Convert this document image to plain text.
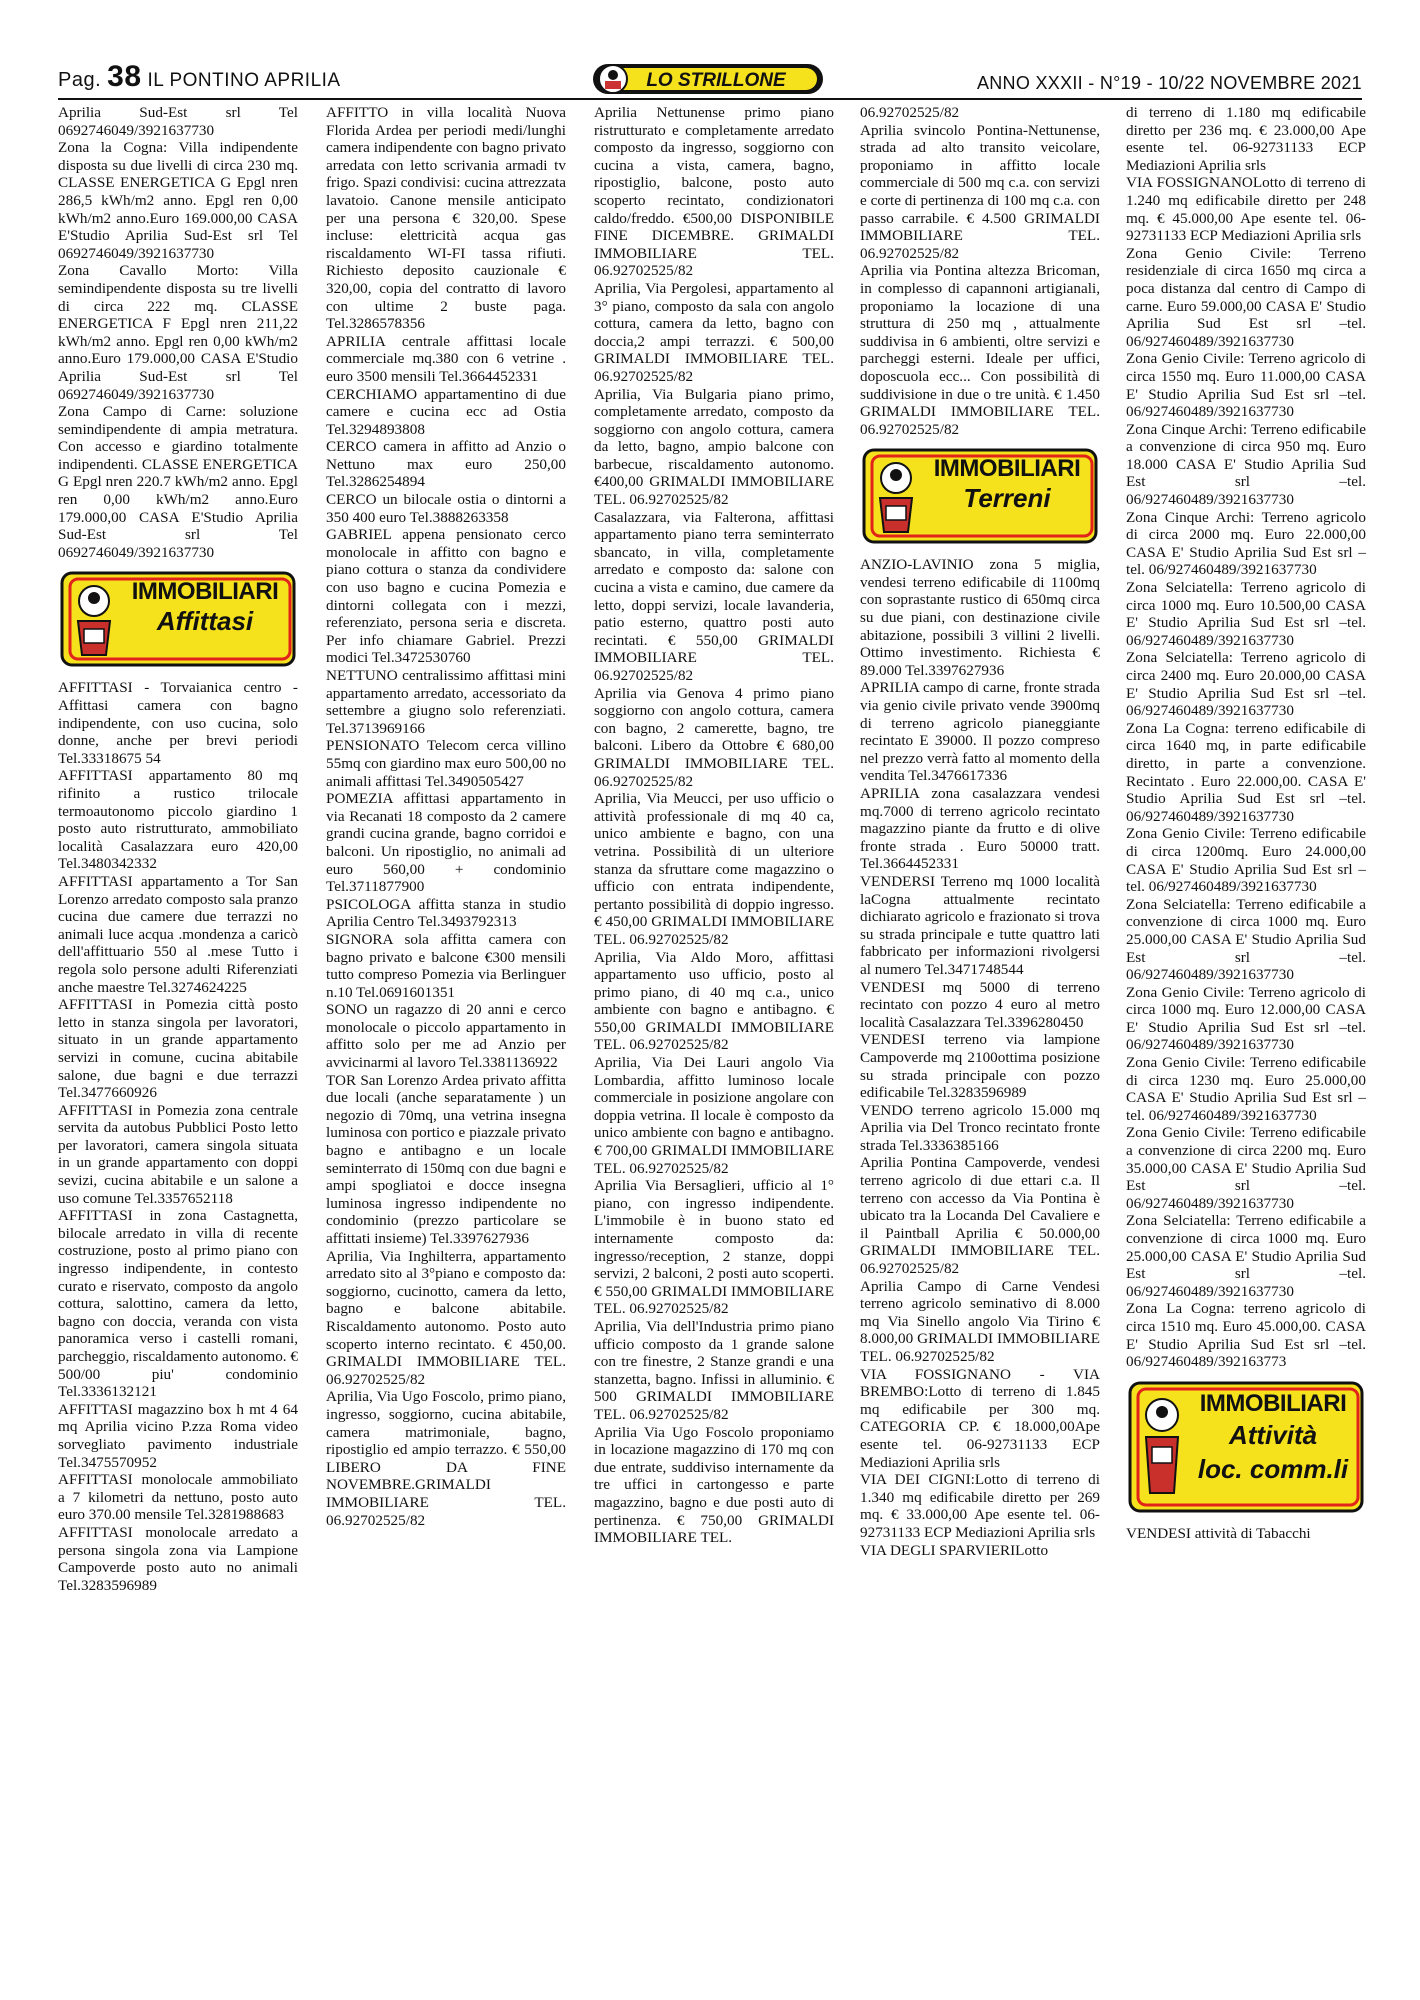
Pag. 38 IL PONTINO APRILIA	ANNO XXXII - N°19 - 10/22 NOVEMBRE 2021
LO STRILLONE

Aprilia Sud-Est srl Tel 0692746049/3921637730

Zona la Cogna: Villa indipendente disposta su due livelli di circa 230 mq. CLASSE ENERGETICA G Epgl nren 286,5 kWh/m2 anno. Epgl ren 0,00 kWh/m2 anno.Euro 169.000,00 CASA E'Studio Aprilia Sud-Est srl Tel 0692746049/3921637730

Zona Cavallo Morto: Villa semindipendente disposta su tre livelli di circa 222 mq. CLASSE ENERGETICA F Epgl nren 211,22 kWh/m2 anno. Epgl ren 0,00 kWh/m2 anno.Euro 179.000,00 CASA E'Studio Aprilia Sud-Est srl Tel 0692746049/3921637730

Zona Campo di Carne: soluzione semindipendente di ampia metratura. Con accesso e giardino totalmente indipendenti. CLASSE ENERGETICA G Epgl nren 220.7 kWh/m2 anno. Epgl ren 0,00 kWh/m2 anno.Euro 179.000,00 CASA E'Studio Aprilia Sud-Est srl Tel 0692746049/3921637730

IMMOBILIARI
Affittasi

AFFITTASI - Torvaianica centro - Affittasi camera con bagno indipendente, con uso cucina, solo donne, anche per brevi periodi Tel.33318675 54

AFFITTASI appartamento 80 mq rifinito a rustico trilocale termoautonomo piccolo giardino 1 posto auto ristrutturato, ammobiliato località Casalazzara euro 420,00 Tel.3480342332

AFFITTASI appartamento a Tor San Lorenzo arredato composto sala pranzo cucina due camere due terrazzi no animali luce acqua .mondenza a caricò dell'affittuario 550 al .mese Tutto i regola solo persone adulti Riferenziati anche maestre Tel.3274624225

AFFITTASI in Pomezia città posto letto in stanza singola per lavoratori, situato in un grande appartamento servizi in comune, cucina abitabile salone, due bagni e due terrazzi Tel.3477660926

AFFITTASI in Pomezia zona centrale servita da autobus Pubblici Posto letto per lavoratori, camera singola situata in un grande appartamento con doppi sevizi, cucina abitabile e un salone a uso comune Tel.3357652118

AFFITTASI in zona Castagnetta, bilocale arredato in villa di recente costruzione, posto al primo piano con ingresso indipendente, in contesto curato e riservato, composto da angolo cottura, salottino, camera da letto, bagno con doccia, veranda con vista panoramica verso i castelli romani, parcheggio, riscaldamento autonomo. € 500/00 piu' condominio Tel.3336132121

AFFITTASI magazzino box h mt 4 64 mq Aprilia vicino P.zza Roma video sorvegliato pavimento industriale Tel.3475570952

AFFITTASI monolocale ammobiliato a 7 kilometri da nettuno, posto auto euro 370.00 mensile Tel.3281988683

AFFITTASI monolocale arredato a persona singola zona via Lampione Campoverde posto auto no animali Tel.3283596989

AFFITTO in villa località Nuova Florida Ardea per periodi medi/lunghi camera indipendente con bagno privato arredata con letto scrivania armadi tv frigo. Spazi condivisi: cucina attrezzata lavatoio. Canone mensile anticipato per una persona € 320,00. Spese incluse: elettricità acqua gas riscaldamento WI-FI tassa rifiuti. Richiesto deposito cauzionale € 320,00, copia del contratto di lavoro con ultime 2 buste paga. Tel.3286578356

APRILIA centrale affittasi locale commerciale mq.380 con 6 vetrine . euro 3500 mensili Tel.3664452331

CERCHIAMO appartamentino di due camere e cucina ecc ad Ostia Tel.3294893808

CERCO camera in affitto ad Anzio o Nettuno max euro 250,00 Tel.3286254894

CERCO un bilocale ostia o dintorni a 350 400 euro Tel.3888263358

GABRIEL appena pensionato cerco monolocale in affitto con bagno e piano cottura o stanza da condividere con uso bagno e cucina Pomezia e dintorni collegata con i mezzi, referenziato, persona seria e discreta. Per info chiamare Gabriel. Prezzi modici Tel.3472530760

NETTUNO centralissimo affittasi mini appartamento arredato, accessoriato da settembre a giugno solo referenziati. Tel.3713969166

PENSIONATO Telecom cerca villino 55mq con giardino max euro 500,00 no animali affittasi Tel.3490505427

POMEZIA affittasi appartamento in via Recanati 18 composto da 2 camere grandi cucina grande, bagno corridoi e balconi. Un ripostiglio, no animali ad euro 560,00 + condominio Tel.3711877900

PSICOLOGA affitta stanza in studio Aprilia Centro Tel.3493792313

SIGNORA sola affitta camera con bagno privato e balcone €300 mensili tutto compreso Pomezia via Berlinguer n.10 Tel.0691601351

SONO un ragazzo di 20 anni e cerco monolocale o piccolo appartamento in affitto solo per me ad Anzio per avvicinarmi al lavoro Tel.3381136922

TOR San Lorenzo Ardea privato affitta due locali (anche separatamente ) un negozio di 70mq, una vetrina insegna luminosa con portico e piazzale privato bagno e antibagno e un locale seminterrato di 150mq con due bagni e ampi spogliatoi e docce insegna luminosa ingresso indipendente no condominio (prezzo particolare se affittati insieme) Tel.3397627936

Aprilia, Via Inghilterra, appartamento arredato sito al 3°piano e composto da: soggiorno, cucinotto, camera da letto, bagno e balcone abitabile. Riscaldamento autonomo. Posto auto scoperto interno recintato. € 450,00. GRIMALDI IMMOBILIARE TEL. 06.92702525/82

Aprilia, Via Ugo Foscolo, primo piano, ingresso, soggiorno, cucina abitabile, camera matrimoniale, bagno, ripostiglio ed ampio terrazzo. € 550,00 LIBERO DA FINE NOVEMBRE.GRIMALDI IMMOBILIARE TEL. 06.92702525/82

Aprilia Nettunense primo piano ristrutturato e completamente arredato composto da ingresso, soggiorno con cucina a vista, camera, bagno, ripostiglio, balcone, posto auto scoperto recintato, condizionatori caldo/freddo. €500,00 DISPONIBILE FINE DICEMBRE. GRIMALDI IMMOBILIARE TEL. 06.92702525/82

Aprilia, Via Pergolesi, appartamento al 3° piano, composto da sala con angolo cottura, camera da letto, bagno con doccia,2 ampi terrazzi. € 500,00 GRIMALDI IMMOBILIARE TEL. 06.92702525/82

Aprilia, Via Bulgaria piano primo, completamente arredato, composto da soggiorno con angolo cottura, camera da letto, bagno, ampio balcone con barbecue, riscaldamento autonomo. €400,00 GRIMALDI IMMOBILIARE TEL. 06.92702525/82

Casalazzara, via Falterona, affittasi appartamento piano terra seminterrato sbancato, in villa, completamente arredato e composto da: salone con cucina a vista e camino, due camere da letto, doppi servizi, locale lavanderia, patio esterno, quattro posti auto recintati. € 550,00 GRIMALDI IMMOBILIARE TEL. 06.92702525/82

Aprilia via Genova 4 primo piano soggiorno con angolo cottura, camera con bagno, 2 camerette, bagno, tre balconi. Libero da Ottobre € 680,00 GRIMALDI IMMOBILIARE TEL. 06.92702525/82

Aprilia, Via Meucci, per uso ufficio o attività professionale di mq 40 ca, unico ambiente e bagno, con una vetrina. Possibilità di un ulteriore stanza da sfruttare come magazzino o ufficio con entrata indipendente, pertanto possibilità di doppio ingresso. € 450,00 GRIMALDI IMMOBILIARE TEL. 06.92702525/82

Aprilia, Via Aldo Moro, affittasi appartamento uso ufficio, posto al primo piano, di 40 mq c.a., unico ambiente con bagno e antibagno. € 550,00 GRIMALDI IMMOBILIARE TEL. 06.92702525/82

Aprilia, Via Dei Lauri angolo Via Lombardia, affitto luminoso locale commerciale in posizione angolare con doppia vetrina. Il locale è composto da unico ambiente con bagno e antibagno. € 700,00 GRIMALDI IMMOBILIARE TEL. 06.92702525/82

Aprilia Via Bersaglieri, ufficio al 1° piano, con ingresso indipendente. L'immobile è in buono stato ed internamente composto da: ingresso/reception, 2 stanze, doppi servizi, 2 balconi, 2 posti auto scoperti. € 550,00 GRIMALDI IMMOBILIARE TEL. 06.92702525/82

Aprilia, Via dell'Industria primo piano ufficio composto da 1 grande salone con tre finestre, 2 Stanze grandi e una stanzetta, bagno. Infissi in alluminio. € 500 GRIMALDI IMMOBILIARE TEL. 06.92702525/82

Aprilia Via Ugo Foscolo proponiamo in locazione magazzino di 170 mq con due entrate, suddiviso internamente da tre uffici in cartongesso e parte magazzino, bagno e due posti auto di pertinenza. € 750,00 GRIMALDI IMMOBILIARE TEL.

06.92702525/82

Aprilia svincolo Pontina-Nettunense, strada ad alto transito veicolare, proponiamo in affitto locale commerciale di 500 mq c.a. con servizi e corte di pertinenza di 100 mq c.a. con passo carrabile. € 4.500 GRIMALDI IMMOBILIARE TEL. 06.92702525/82

Aprilia via Pontina altezza Bricoman, in complesso di capannoni artigianali, proponiamo la locazione di una struttura di 250 mq , attualmente suddivisa in 6 ambienti, oltre servizi e parcheggi esterni. Ideale per uffici, doposcuola ecc... Con possibilità di suddivisione in due o tre unità. € 1.450 GRIMALDI IMMOBILIARE TEL. 06.92702525/82

IMMOBILIARI
Terreni

ANZIO-LAVINIO zona 5 miglia, vendesi terreno edificabile di 1100mq con soprastante rustico di 650mq circa su due piani, con destinazione civile abitazione, possibili 3 villini 2 livelli. Ottimo investimento. Richiesta € 89.000 Tel.3397627936

APRILIA campo di carne, fronte strada via genio civile privato vende 3900mq di terreno agricolo pianeggiante recintato E 39000. Il pozzo compreso nel prezzo verrà fatto al momento della vendita Tel.3476617336

APRILIA zona casalazzara vendesi mq.7000 di terreno agricolo recintato magazzino piante da frutto e di olive fronte strada . Euro 50000 tratt. Tel.3664452331

VENDERSI Terreno mq 1000 località laCogna attualmente recintato dichiarato agricolo e frazionato si trova su strada principale e tutte quattro lati fabbricato per informazioni rivolgersi al numero Tel.3471748544

VENDESI mq 5000 di terreno recintato con pozzo 4 euro al metro località Casalazzara Tel.3396280450

VENDESI terreno via lampione Campoverde mq 2100ottima posizione su strada principale con pozzo edificabile Tel.3283596989

VENDO terreno agricolo 15.000 mq Aprilia via Del Tronco recintato fronte strada Tel.3336385166

Aprilia Pontina Campoverde, vendesi terreno agricolo di due ettari c.a. Il terreno con accesso da Via Pontina è ubicato tra la Locanda Del Cavaliere e il Paintball Aprilia € 50.000,00 GRIMALDI IMMOBILIARE TEL. 06.92702525/82

Aprilia Campo di Carne Vendesi terreno agricolo seminativo di 8.000 mq Via Sinello angolo Via Tirino € 8.000,00 GRIMALDI IMMOBILIARE TEL. 06.92702525/82

VIA FOSSIGNANO - VIA BREMBO:Lotto di terreno di 1.845 mq edificabile per 300 mq. CATEGORIA CP. € 18.000,00Ape esente tel. 06-92731133 ECP Mediazioni Aprilia srls

VIA DEI CIGNI:Lotto di terreno di 1.340 mq edificabile diretto per 269 mq. € 33.000,00 Ape esente tel. 06-92731133 ECP Mediazioni Aprilia srls

VIA DEGLI SPARVIERILotto

di terreno di 1.180 mq edificabile diretto per 236 mq. € 23.000,00 Ape esente tel. 06-92731133 ECP Mediazioni Aprilia srls

VIA FOSSIGNANOLotto di terreno di 1.240 mq edificabile diretto per 248 mq. € 45.000,00 Ape esente tel. 06-92731133 ECP Mediazioni Aprilia srls

Zona Genio Civile: Terreno residenziale di circa 1650 mq circa a poca distanza dal centro di Campo di carne. Euro 59.000,00 CASA E' Studio Aprilia Sud Est srl –tel. 06/927460489/3921637730

Zona Genio Civile: Terreno agricolo di circa 1550 mq. Euro 11.000,00 CASA E' Studio Aprilia Sud Est srl –tel. 06/927460489/3921637730

Zona Cinque Archi: Terreno edificabile a convenzione di circa 950 mq. Euro 18.000 CASA E' Studio Aprilia Sud Est srl –tel. 06/927460489/3921637730

Zona Cinque Archi: Terreno agricolo di circa 2000 mq. Euro 22.000,00 CASA E' Studio Aprilia Sud Est srl –tel. 06/927460489/3921637730

Zona Selciatella: Terreno agricolo di circa 1000 mq. Euro 10.500,00 CASA E' Studio Aprilia Sud Est srl –tel. 06/927460489/3921637730

Zona Selciatella: Terreno agricolo di circa 2400 mq. Euro 20.000,00 CASA E' Studio Aprilia Sud Est srl –tel. 06/927460489/3921637730

Zona La Cogna: terreno edificabile di circa 1640 mq, in parte edificabile diretto, in parte a convenzione. Recintato . Euro 22.000,00. CASA E' Studio Aprilia Sud Est srl –tel. 06/927460489/3921637730

Zona Genio Civile: Terreno edificabile di circa 1200mq. Euro 24.000,00 CASA E' Studio Aprilia Sud Est srl –tel. 06/927460489/3921637730

Zona Selciatella: Terreno edificabile a convenzione di circa 1000 mq. Euro 25.000,00 CASA E' Studio Aprilia Sud Est srl –tel. 06/927460489/3921637730

Zona Genio Civile: Terreno agricolo di circa 1000 mq. Euro 12.000,00 CASA E' Studio Aprilia Sud Est srl –tel. 06/927460489/3921637730

Zona Genio Civile: Terreno edificabile di circa 1230 mq. Euro 25.000,00 CASA E' Studio Aprilia Sud Est srl –tel. 06/927460489/3921637730

Zona Genio Civile: Terreno edificabile a convenzione di circa 2200 mq. Euro 35.000,00 CASA E' Studio Aprilia Sud Est srl –tel. 06/927460489/3921637730

Zona Selciatella: Terreno edificabile a convenzione di circa 1000 mq. Euro 25.000,00 CASA E' Studio Aprilia Sud Est srl –tel. 06/927460489/3921637730

Zona La Cogna: terreno agricolo di circa 1510 mq. Euro 45.000,00. CASA E' Studio Aprilia Sud Est srl –tel. 06/927460489/392163773

IMMOBILIARI
Attività
loc. comm.li

VENDESI attività di Tabacchi
